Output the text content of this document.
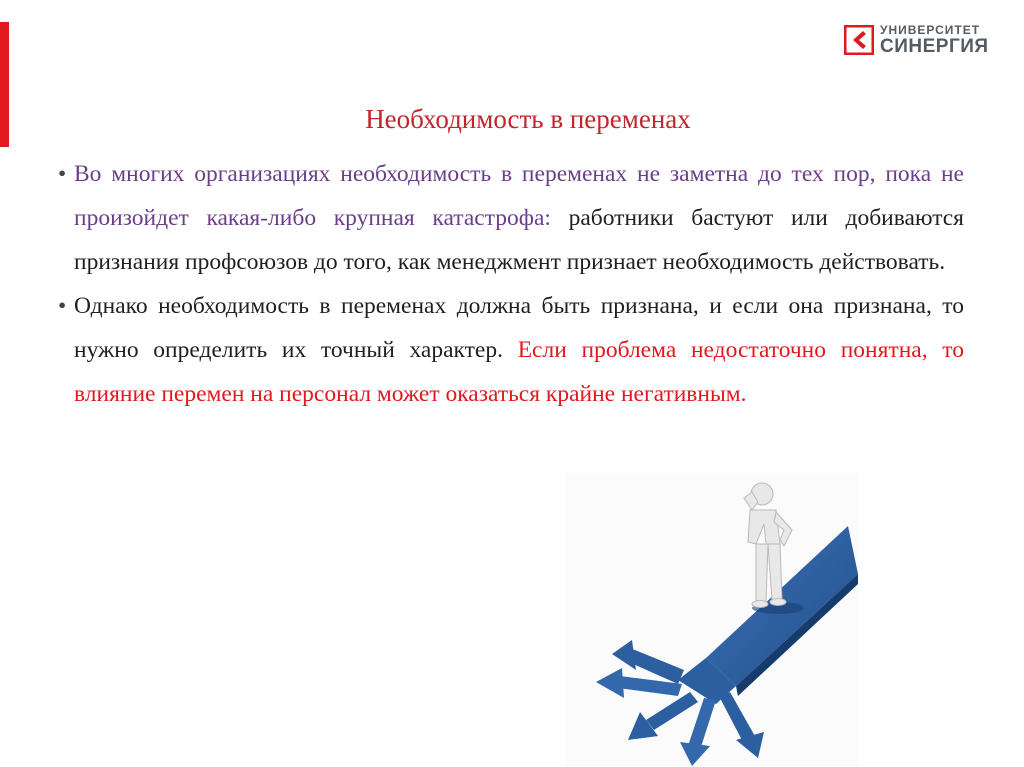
УНИВЕРСИТЕТ
СИНЕРГИЯ
Необходимость в переменах

• Во многих организациях необходимость в переменах не заметна до тех пор, пока не произойдет какая-либо крупная катастрофа: работники бастуют или добиваются признания профсоюзов до того, как менеджмент признает необходимость действовать.

• Однако необходимость в переменах должна быть признана, и если она признана, то нужно определить их точный характер. Если проблема недостаточно понятна, то влияние перемен на персонал может оказаться крайне негативным.
